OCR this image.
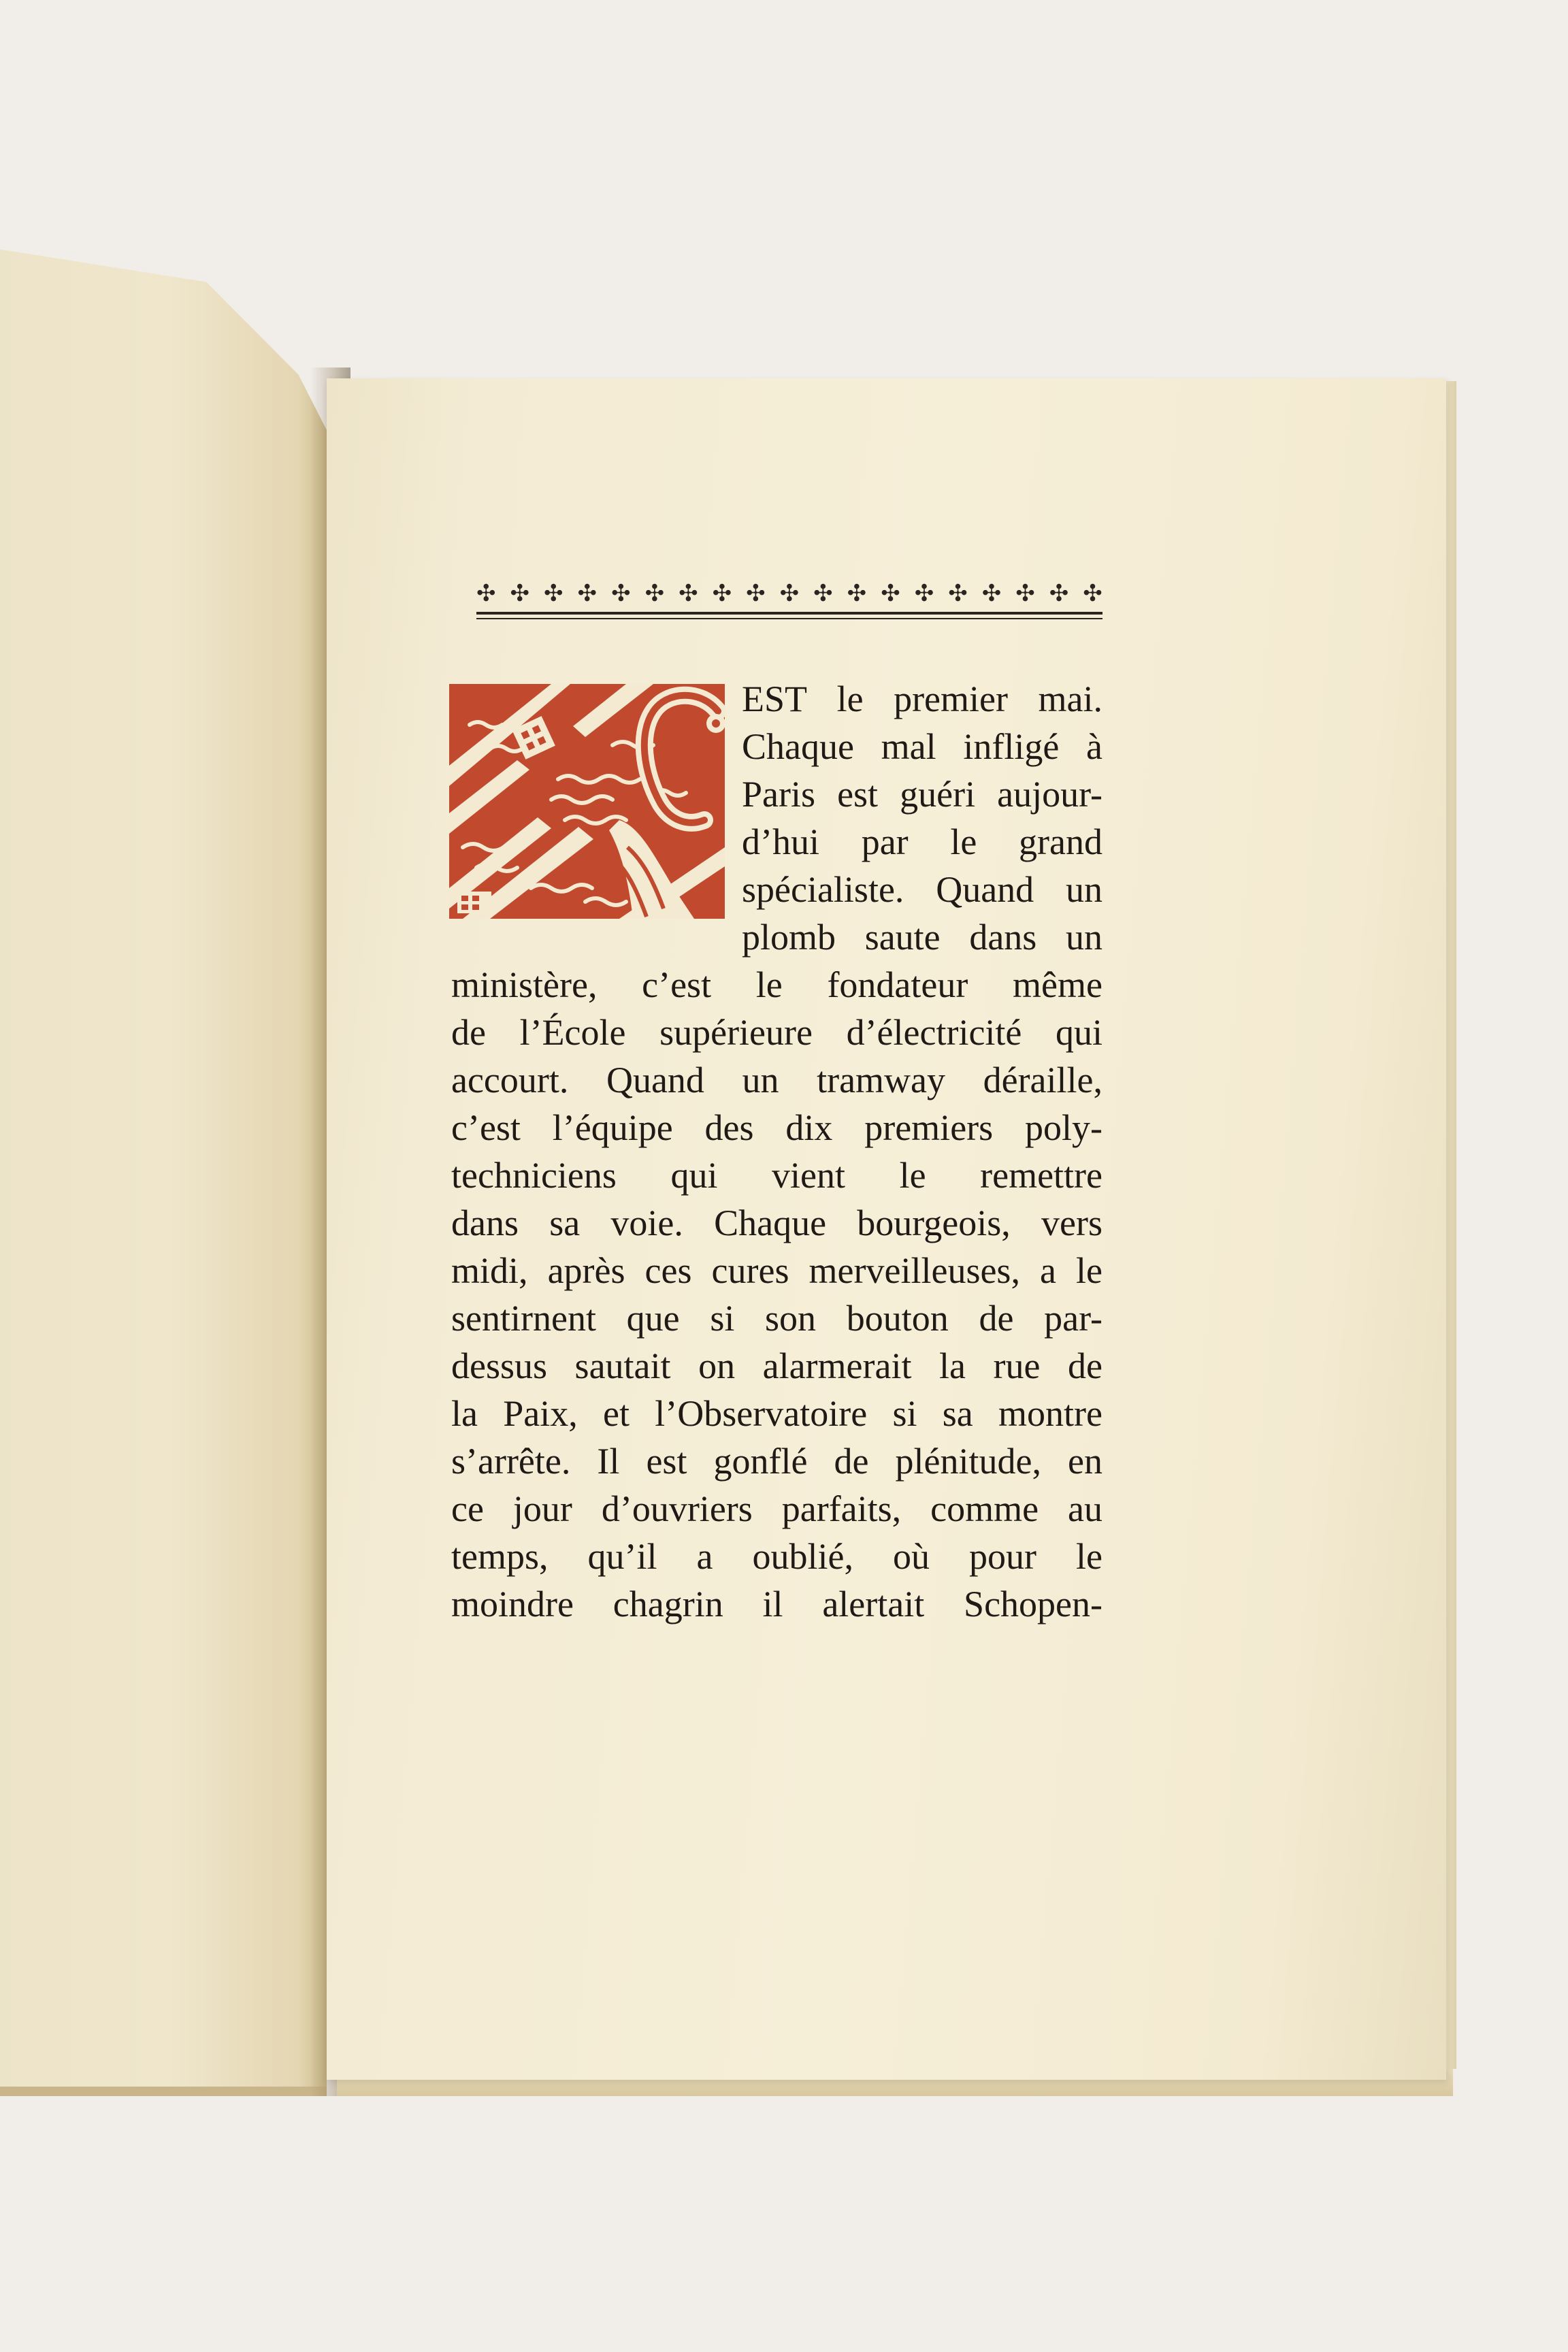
✣ ✣ ✣ ✣ ✣ ✣ ✣ ✣ ✣ ✣ ✣ ✣ ✣ ✣ ✣ ✣ ✣ ✣ ✣
EST le premier mai.
Chaque mal infligé à
Paris est guéri aujour-
d’hui par le grand
spécialiste. Quand un
plomb saute dans un
ministère, c’est le fondateur même
de l’École supérieure d’électricité qui
accourt. Quand un tramway déraille,
c’est l’équipe des dix premiers poly-
techniciens qui vient le remettre
dans sa voie. Chaque bourgeois, vers
midi, après ces cures merveilleuses, a le
sentirnent que si son bouton de par-
dessus sautait on alarmerait la rue de
la Paix, et l’Observatoire si sa montre
s’arrête. Il est gonflé de plénitude, en
ce jour d’ouvriers parfaits, comme au
temps, qu’il a oublié, où pour le
moindre chagrin il alertait Schopen-
